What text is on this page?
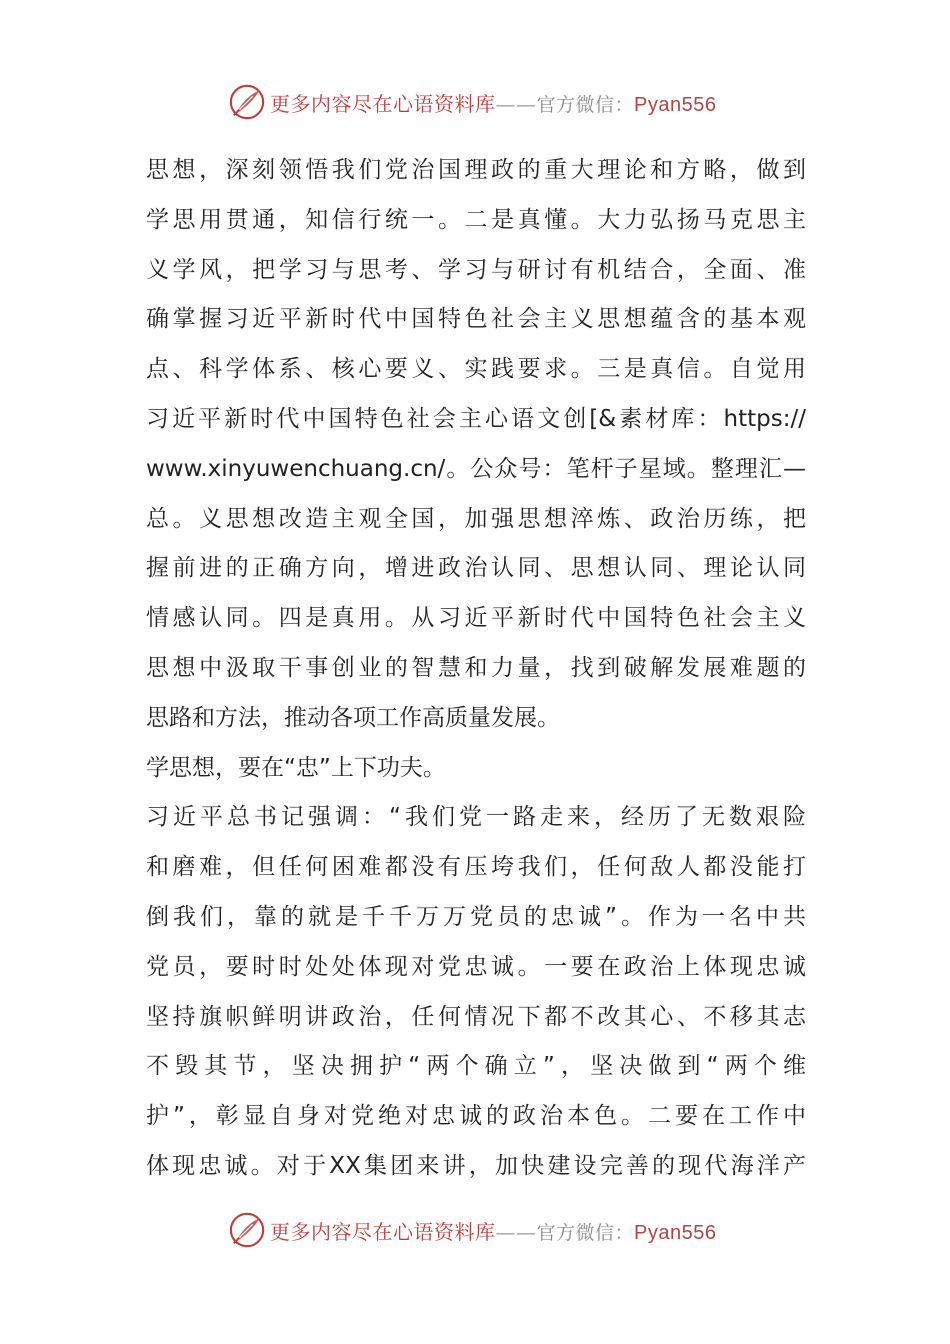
更多内容尽在心语资料库——官方微信：Pyan556
思想，深刻领悟我们党治国理政的重大理论和方略，做到
学思用贯通，知信行统一。二是真懂。大力弘扬马克思主
义学风，把学习与思考、学习与研讨有机结合，全面、准
确掌握习近平新时代中国特色社会主义思想蕴含的基本观
点、科学体系、核心要义、实践要求。三是真信。自觉用
习近平新时代中国特色社会主心语文创[&素材库：https://
www.xinyuwenchuang.cn/。公众号：笔杆子星域。整理汇—
总。义思想改造主观全国，加强思想淬炼、政治历练，把
握前进的正确方向，增进政治认同、思想认同、理论认同
情感认同。四是真用。从习近平新时代中国特色社会主义
思想中汲取干事创业的智慧和力量，找到破解发展难题的
思路和方法，推动各项工作高质量发展。
学思想，要在“忠”上下功夫。
习近平总书记强调：“我们党一路走来，经历了无数艰险
和磨难，但任何困难都没有压垮我们，任何敌人都没能打
倒我们，靠的就是千千万万党员的忠诚”。作为一名中共
党员，要时时处处体现对党忠诚。一要在政治上体现忠诚
坚持旗帜鲜明讲政治，任何情况下都不改其心、不移其志
不毁其节，坚决拥护“两个确立”，坚决做到“两个维
护”，彰显自身对党绝对忠诚的政治本色。二要在工作中
体现忠诚。对于XX集团来讲，加快建设完善的现代海洋产
更多内容尽在心语资料库——官方微信：Pyan556
